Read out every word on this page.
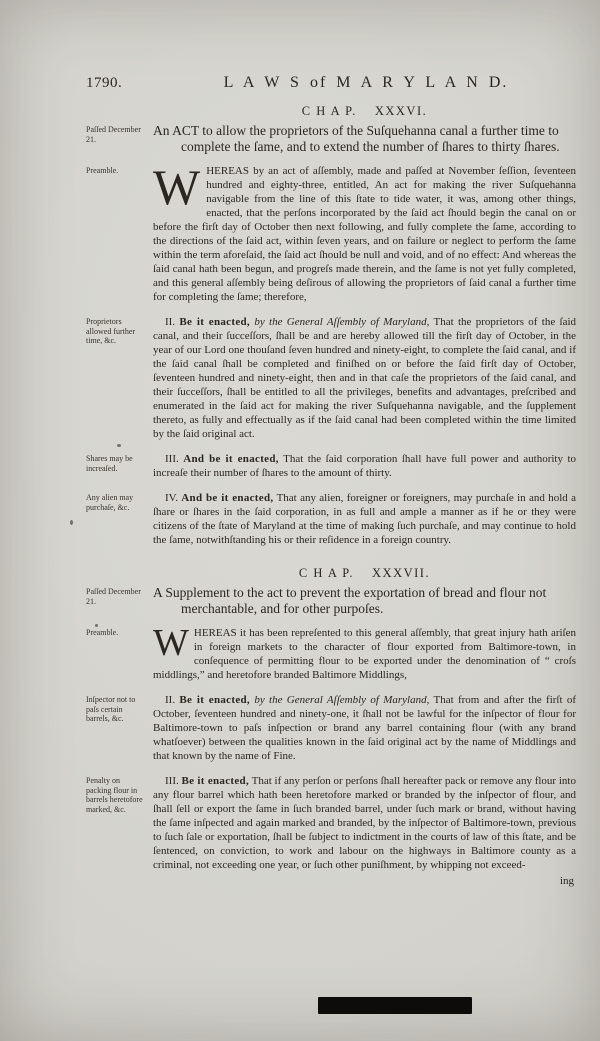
1790.	L A W S of M A R Y L A N D.
C H A P. XXXVI.
Paſſed December 21.
An ACT to allow the proprietors of the Suſquehanna canal a further time to complete the ſame, and to extend the number of ſhares to thirty ſhares.
Preamble. WHEREAS by an act of aſſembly, made and paſſed at November ſeſſion, ſeventeen hundred and eighty-three, entitled, An act for making the river Suſquehanna navigable from the line of this ſtate to tide water, it was, among other things, enacted, that the perſons incorporated by the ſaid act ſhould begin the canal on or before the firſt day of October then next following, and fully complete the ſame, according to the directions of the ſaid act, within ſeven years, and on failure or neglect to perform the ſame within the term aforeſaid, the ſaid act ſhould be null and void, and of no effect: And whereas the ſaid canal hath been begun, and progreſs made therein, and the ſame is not yet fully completed, and this general aſſembly being deſirous of allowing the proprietors of ſaid canal a further time for completing the ſame; therefore,

Proprietors allowed further time, &c.

II. Be it enacted, by the General Aſſembly of Maryland, That the proprietors of the ſaid canal, and their ſucceſſors, ſhall be and are hereby allowed till the firſt day of October, in the year of our Lord one thouſand ſeven hundred and ninety-eight, to complete the ſaid canal, and if the ſaid canal ſhall be completed and finiſhed on or before the ſaid firſt day of October, ſeventeen hundred and ninety-eight, then and in that caſe the proprietors of the ſaid canal, and their ſucceſſors, ſhall be entitled to all the privileges, benefits and advantages, preſcribed and enumerated in the ſaid act for making the river Suſquehanna navigable, and the ſupplement thereto, as fully and effectually as if the ſaid canal had been completed within the time limited by the ſaid original act.

Shares may be increaſed.

III. And be it enacted, That the ſaid corporation ſhall have full power and authority to increaſe their number of ſhares to the amount of thirty.

Any alien may purchaſe, &c.

IV. And be it enacted, That any alien, foreigner or foreigners, may purchaſe in and hold a ſhare or ſhares in the ſaid corporation, in as full and ample a manner as if he or they were citizens of the ſtate of Maryland at the time of making ſuch purchaſe, and may continue to hold the ſame, notwithſtanding his or their reſidence in a foreign country.

C H A P. XXXVII.
Paſſed December 21.
A Supplement to the act to prevent the exportation of bread and flour not merchantable, and for other purpoſes.
Preamble. WHEREAS it has been repreſented to this general aſſembly, that great injury hath ariſen in foreign markets to the character of flour exported from Baltimore-town, in conſequence of permitting flour to be exported under the denomination of “ croſs middlings,” and heretofore branded Baltimore Middlings,

Inſpector not to paſs certain barrels, &c.

II. Be it enacted, by the General Aſſembly of Maryland, That from and after the firſt of October, ſeventeen hundred and ninety-one, it ſhall not be lawful for the inſpector of flour for Baltimore-town to paſs inſpection or brand any barrel containing flour (with any brand whatſoever) between the qualities known in the ſaid original act by the name of Middlings and that known by the name of Fine.

Penalty on packing flour in barrels heretofore marked, &c.

III. Be it enacted, That if any perſon or perſons ſhall hereafter pack or remove any flour into any flour barrel which hath been heretofore marked or branded by the inſpector of flour, and ſhall ſell or export the ſame in ſuch branded barrel, under ſuch mark or brand, without having the ſame inſpected and again marked and branded, by the inſpector of Baltimore-town, previous to ſuch ſale or exportation, ſhall be ſubject to indictment in the courts of law of this ſtate, and be ſentenced, on conviction, to work and labour on the highways in Baltimore county as a criminal, not exceeding one year, or ſuch other puniſhment, by whipping not exceed-

ing
